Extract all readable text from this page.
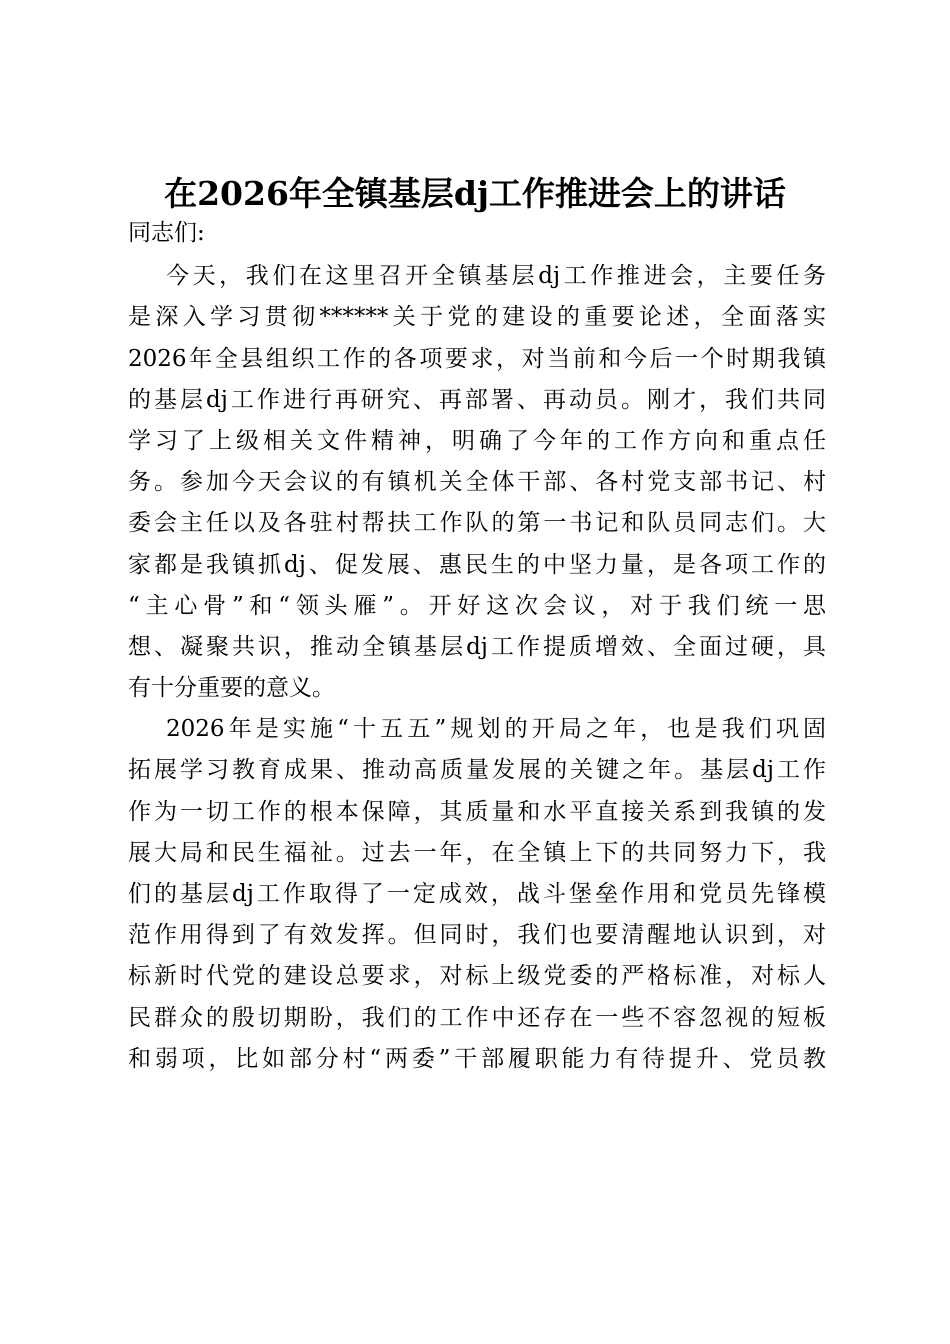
在2026年全镇基层dj工作推进会上的讲话
同志们:
今天，我们在这里召开全镇基层dj工作推进会，主要任务
是深入学习贯彻******关于党的建设的重要论述，全面落实
2026年全县组织工作的各项要求，对当前和今后一个时期我镇
的基层dj工作进行再研究、再部署、再动员。刚才，我们共同
学习了上级相关文件精神，明确了今年的工作方向和重点任
务。参加今天会议的有镇机关全体干部、各村党支部书记、村
委会主任以及各驻村帮扶工作队的第一书记和队员同志们。大
家都是我镇抓dj、促发展、惠民生的中坚力量，是各项工作的
“主心骨”和“领头雁”。开好这次会议，对于我们统一思
想、凝聚共识，推动全镇基层dj工作提质增效、全面过硬，具
有十分重要的意义。
2026年是实施“十五五”规划的开局之年，也是我们巩固
拓展学习教育成果、推动高质量发展的关键之年。基层dj工作
作为一切工作的根本保障，其质量和水平直接关系到我镇的发
展大局和民生福祉。过去一年，在全镇上下的共同努力下，我
们的基层dj工作取得了一定成效，战斗堡垒作用和党员先锋模
范作用得到了有效发挥。但同时，我们也要清醒地认识到，对
标新时代党的建设总要求，对标上级党委的严格标准，对标人
民群众的殷切期盼，我们的工作中还存在一些不容忽视的短板
和弱项，比如部分村“两委”干部履职能力有待提升、党员教
